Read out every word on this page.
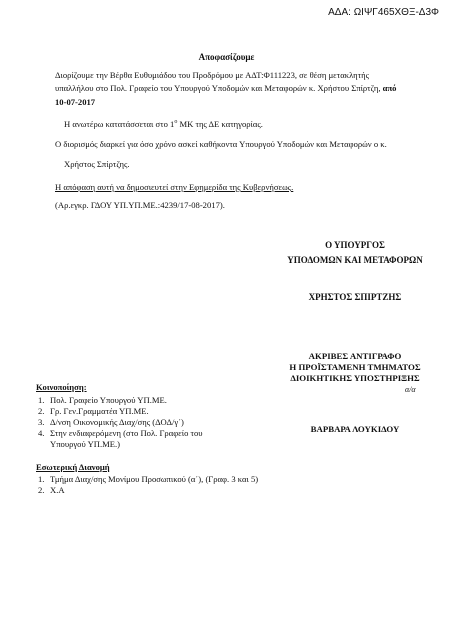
ΑΔΑ: ΩΙΨΓ465ΧΘΞ-Δ3Φ
Αποφασίζουμε
Διορίζουμε την Βέρθα Ευθυμιάδου του Προδρόμου με ΑΔΤ:Φ111223, σε θέση μετακλητής
υπαλλήλου στο Πολ. Γραφείο του Υπουργού Υποδομών και Μεταφορών κ. Χρήστου Σπίρτζη, από
10-07-2017
Η ανωτέρω κατατάσσεται στο $1^o$ ΜΚ της ΔΕ κατηγορίας.
Ο διορισμός διαρκεί για όσο χρόνο ασκεί καθήκοντα Υπουργού Υποδομών και Μεταφορών ο κ.
Χρήστος Σπίρτζης.
Η απόφαση αυτή να δημοσιευτεί στην Εφημερίδα της Κυβερνήσεως.
(Αρ.εγκρ. ΓΔΟΥ ΥΠ.ΥΠ.ΜΕ.:4239/17-08-2017).
Ο ΥΠΟΥΡΓΟΣ
ΥΠΟΔΟΜΩΝ ΚΑΙ ΜΕΤΑΦΟΡΩΝ
ΧΡΗΣΤΟΣ ΣΠΙΡΤΖΗΣ
ΑΚΡΙΒΕΣ ΑΝΤΙΓΡΑΦΟ
Η ΠΡΟΪΣΤΑΜΕΝΗ ΤΜΗΜΑΤΟΣ
ΔΙΟΙΚΗΤΙΚΗΣ ΥΠΟΣΤΗΡΙΞΗΣ
α/α
ΒΑΡΒΑΡΑ ΛΟΥΚΙΔΟΥ
Κοινοποίηση:
1. Πολ. Γραφείο Υπουργού ΥΠ.ΜΕ.
2. Γρ. Γεν.Γραμματέα ΥΠ.ΜΕ.
3. Δ/νση Οικονομικής Διαχ/σης (ΔΟΔ/γ΄)
4. Στην ενδιαφερόμενη (στο Πολ. Γραφείο του
Υπουργού ΥΠ.ΜΕ.)
Εσωτερική Διανομή
1. Τμήμα Διαχ/σης Μονίμου Προσωπικού (α΄), (Γραφ. 3 και 5)
2. Χ.Α
